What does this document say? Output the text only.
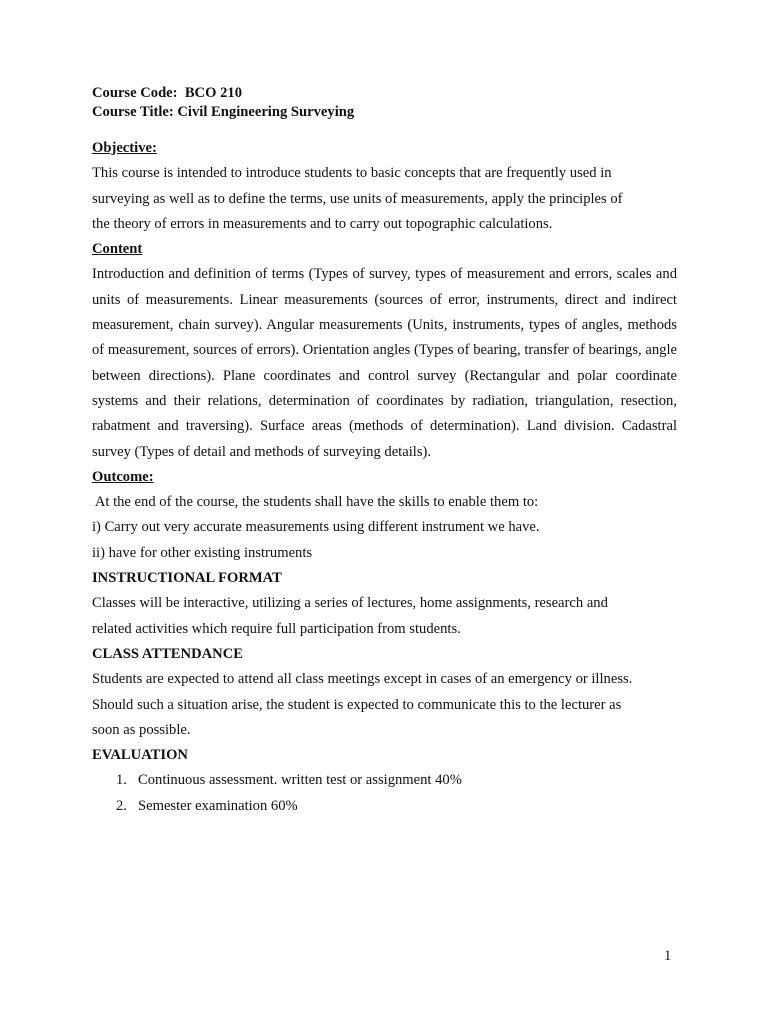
Course Code:  BCO 210
Course Title: Civil Engineering Surveying
Objective:
This course is intended to introduce students to basic concepts that are frequently used in
surveying as well as to define the terms, use units of measurements, apply the principles of
the theory of errors in measurements and to carry out topographic calculations.
Content
Introduction and definition of terms (Types of survey, types of measurement and errors, scales and units of measurements. Linear measurements (sources of error, instruments, direct and indirect measurement, chain survey). Angular measurements (Units, instruments, types of angles, methods of measurement, sources of errors). Orientation angles (Types of bearing, transfer of bearings, angle between directions). Plane coordinates and control survey (Rectangular and polar coordinate systems and their relations, determination of coordinates by radiation, triangulation, resection, rabatment and traversing). Surface areas (methods of determination). Land division. Cadastral survey (Types of detail and methods of surveying details).
Outcome:
At the end of the course, the students shall have the skills to enable them to:
i) Carry out very accurate measurements using different instrument we have.
ii) have for other existing instruments
INSTRUCTIONAL FORMAT
Classes will be interactive, utilizing a series of lectures, home assignments, research and
related activities which require full participation from students.
CLASS ATTENDANCE
Students are expected to attend all class meetings except in cases of an emergency or illness.
Should such a situation arise, the student is expected to communicate this to the lecturer as
soon as possible.
EVALUATION
1. Continuous assessment. written test or assignment 40%
2. Semester examination 60%
1
